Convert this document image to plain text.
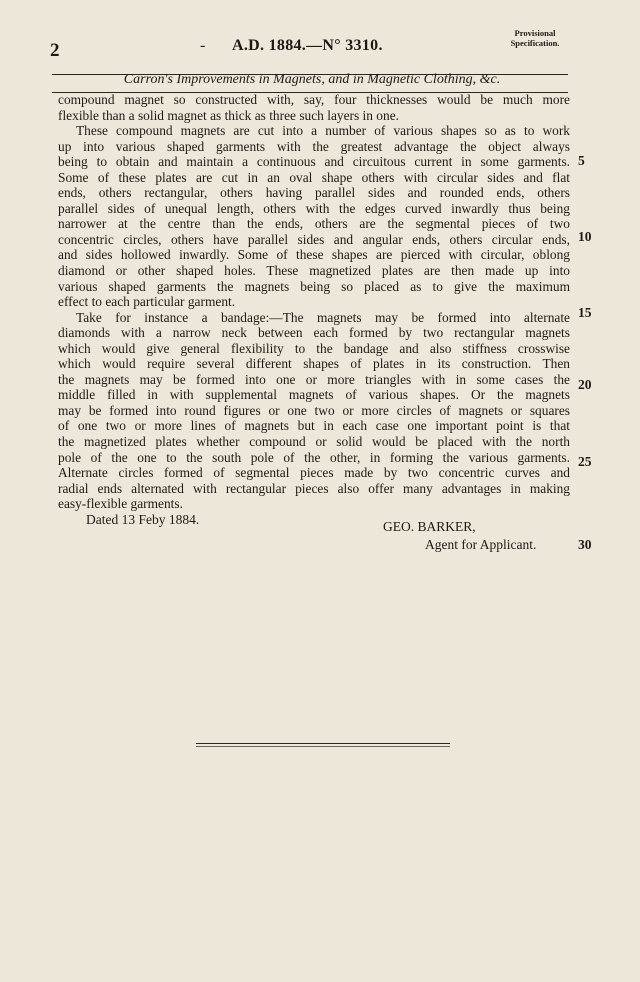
2	- A.D. 1884.—N° 3310.
Provisional
Specification.
Carron's Improvements in Magnets, and in Magnetic Clothing, &c.
compound magnet so constructed with, say, four thicknesses would be much more
flexible than a solid magnet as thick as three such layers in one.
These compound magnets are cut into a number of various shapes so as to work
up into various shaped garments with the greatest advantage the object always
being to obtain and maintain a continuous and circuitous current in some garments.
Some of these plates are cut in an oval shape others with circular sides and flat
ends, others rectangular, others having parallel sides and rounded ends, others
parallel sides of unequal length, others with the edges curved inwardly thus being
narrower at the centre than the ends, others are the segmental pieces of two
concentric circles, others have parallel sides and angular ends, others circular ends,
and sides hollowed inwardly. Some of these shapes are pierced with circular, oblong
diamond or other shaped holes. These magnetized plates are then made up into
various shaped garments the magnets being so placed as to give the maximum
effect to each particular garment.
Take for instance a bandage:—The magnets may be formed into alternate
diamonds with a narrow neck between each formed by two rectangular magnets
which would give general flexibility to the bandage and also stiffness crosswise
which would require several different shapes of plates in its construction. Then
the magnets may be formed into one or more triangles with in some cases the
middle filled in with supplemental magnets of various shapes. Or the magnets
may be formed into round figures or one two or more circles of magnets or squares
of one two or more lines of magnets but in each case one important point is that
the magnetized plates whether compound or solid would be placed with the north
pole of the one to the south pole of the other, in forming the various garments.
Alternate circles formed of segmental pieces made by two concentric curves and
radial ends alternated with rectangular pieces also offer many advantages in making
easy-flexible garments.
5
10
15
20
25
30
Dated 13 Feby 1884.	GEO. BARKER,
Agent for Applicant.
